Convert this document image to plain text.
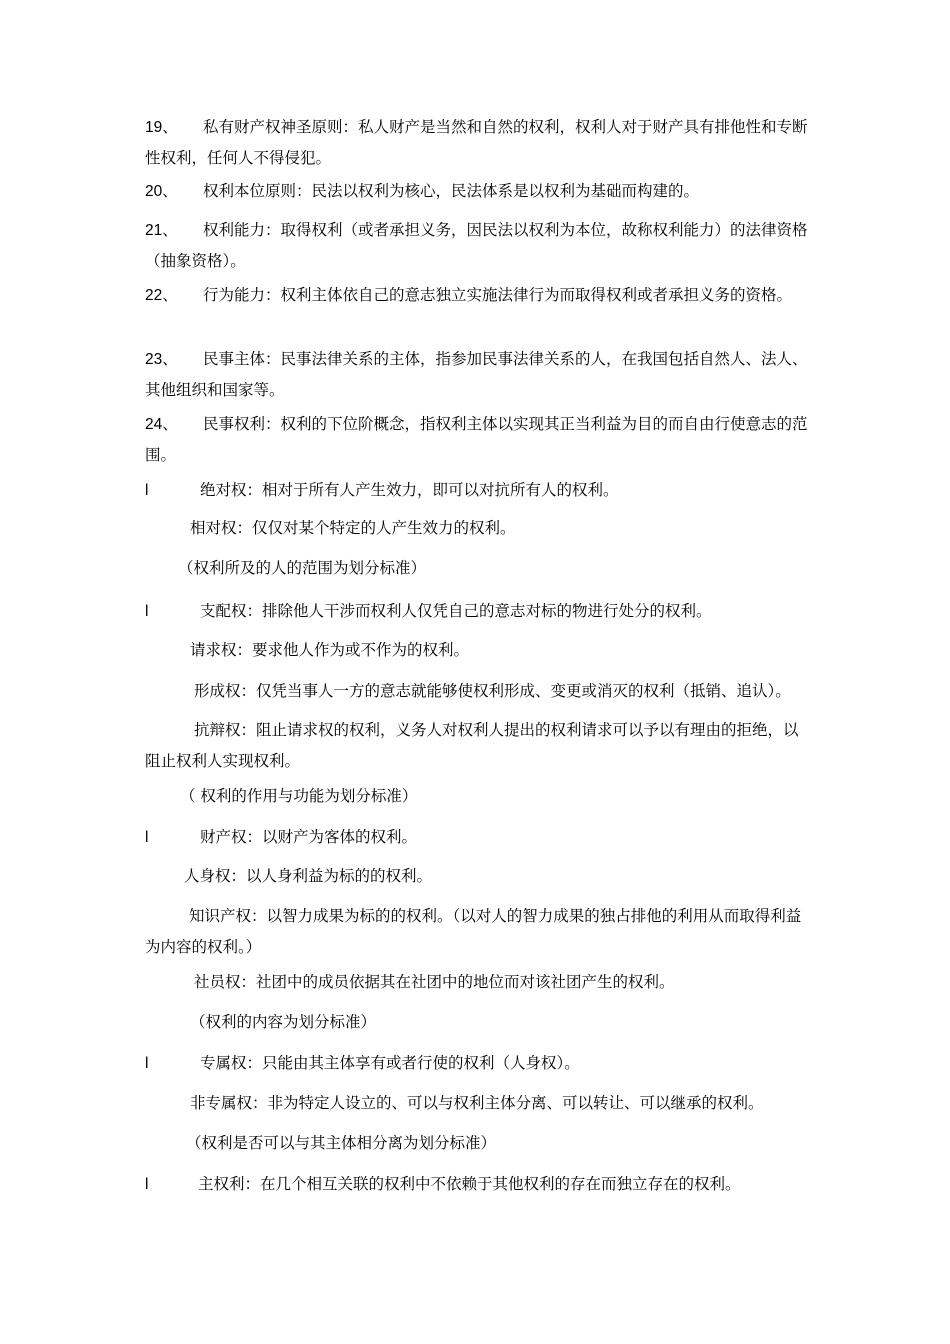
19、 私有财产权神圣原则：私人财产是当然和自然的权利，权利人对于财产具有排他性和专断性权利，任何人不得侵犯。

20、 权利本位原则：民法以权利为核心，民法体系是以权利为基础而构建的。

21、 权利能力：取得权利（或者承担义务，因民法以权利为本位，故称权利能力）的法律资格（抽象资格）。

22、 行为能力：权利主体依自己的意志独立实施法律行为而取得权利或者承担义务的资格。

23、 民事主体：民事法律关系的主体，指参加民事法律关系的人，在我国包括自然人、法人、其他组织和国家等。

24、 民事权利：权利的下位阶概念，指权利主体以实现其正当利益为目的而自由行使意志的范围。

l	绝对权：相对于所有人产生效力，即可以对抗所有人的权利。

相对权：仅仅对某个特定的人产生效力的权利。

（权利所及的人的范围为划分标准）

l	支配权：排除他人干涉而权利人仅凭自己的意志对标的物进行处分的权利。

请求权：要求他人作为或不作为的权利。

形成权：仅凭当事人一方的意志就能够使权利形成、变更或消灭的权利（抵销、追认）。

抗辩权：阻止请求权的权利，义务人对权利人提出的权利请求可以予以有理由的拒绝，以阻止权利人实现权利。

（ 权利的作用与功能为划分标准）

l	财产权：以财产为客体的权利。

人身权：以人身利益为标的的权利。

知识产权：以智力成果为标的的权利。（以对人的智力成果的独占排他的利用从而取得利益为内容的权利。）

社员权：社团中的成员依据其在社团中的地位而对该社团产生的权利。

（权利的内容为划分标准）

l	专属权：只能由其主体享有或者行使的权利（人身权）。

非专属权：非为特定人设立的、可以与权利主体分离、可以转让、可以继承的权利。

（权利是否可以与其主体相分离为划分标准）

l	主权利：在几个相互关联的权利中不依赖于其他权利的存在而独立存在的权利。
